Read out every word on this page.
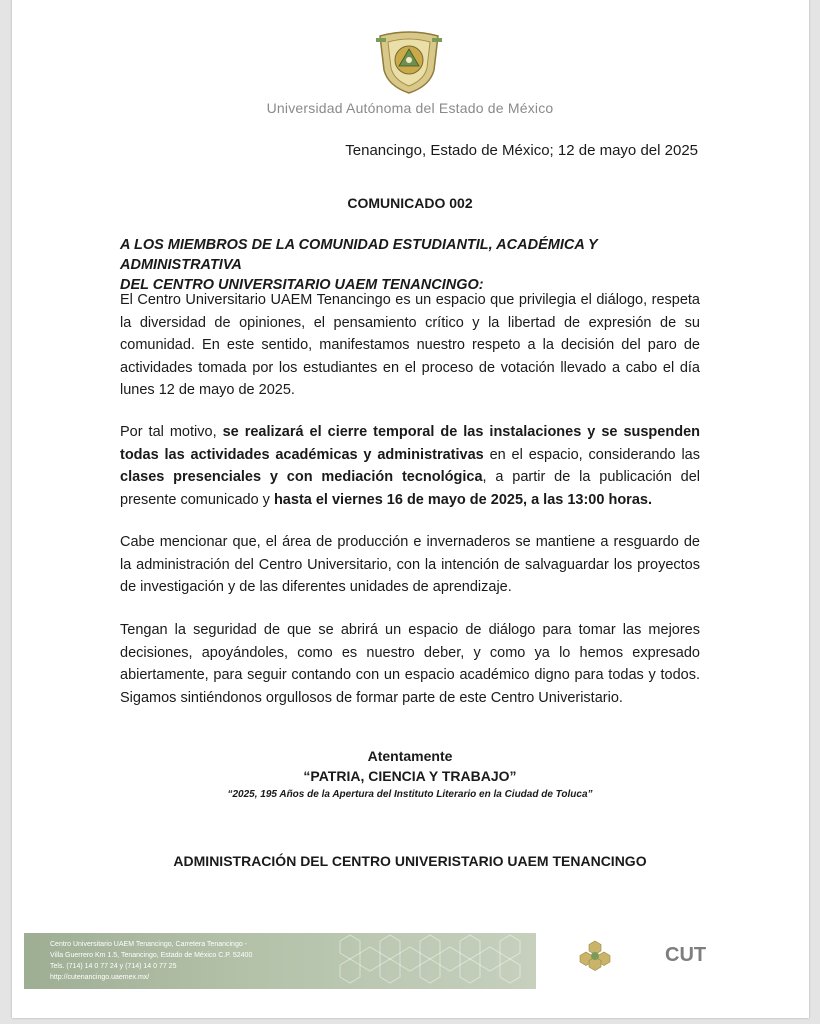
Universidad Autónoma del Estado de México
Tenancingo, Estado de México; 12 de mayo del 2025
COMUNICADO 002
A LOS MIEMBROS DE LA COMUNIDAD ESTUDIANTIL, ACADÉMICA Y ADMINISTRATIVA
DEL CENTRO UNIVERSITARIO UAEM TENANCINGO:
El Centro Universitario UAEM Tenancingo es un espacio que privilegia el diálogo, respeta la diversidad de opiniones, el pensamiento crítico y la libertad de expresión de su comunidad. En este sentido, manifestamos nuestro respeto a la decisión del paro de actividades tomada por los estudiantes en el proceso de votación llevado a cabo el día lunes 12 de mayo de 2025.
Por tal motivo, se realizará el cierre temporal de las instalaciones y se suspenden todas las actividades académicas y administrativas en el espacio, considerando las clases presenciales y con mediación tecnológica, a partir de la publicación del presente comunicado y hasta el viernes 16 de mayo de 2025, a las 13:00 horas.
Cabe mencionar que, el área de producción e invernaderos se mantiene a resguardo de la administración del Centro Universitario, con la intención de salvaguardar los proyectos de investigación y de las diferentes unidades de aprendizaje.
Tengan la seguridad de que se abrirá un espacio de diálogo para tomar las mejores decisiones, apoyándoles, como es nuestro deber, y como ya lo hemos expresado abiertamente, para seguir contando con un espacio académico digno para todas y todos. Sigamos sintiéndonos orgullosos de formar parte de este Centro Univeristario.
Atentamente
“PATRIA, CIENCIA Y TRABAJO”
“2025, 195 Años de la Apertura del Instituto Literario en la Ciudad de Toluca”
ADMINISTRACIÓN DEL CENTRO UNIVERISTARIO UAEM TENANCINGO
Centro Universitario UAEM Tenancingo, Carretera Tenancingo -
Villa Guerrero Km 1.5, Tenancingo, Estado de México C.P. 52400
Tels. (714) 14 0 77 24 y (714) 14 0 77 25
http://cutenancingo.uaemex.mx/
CUT
